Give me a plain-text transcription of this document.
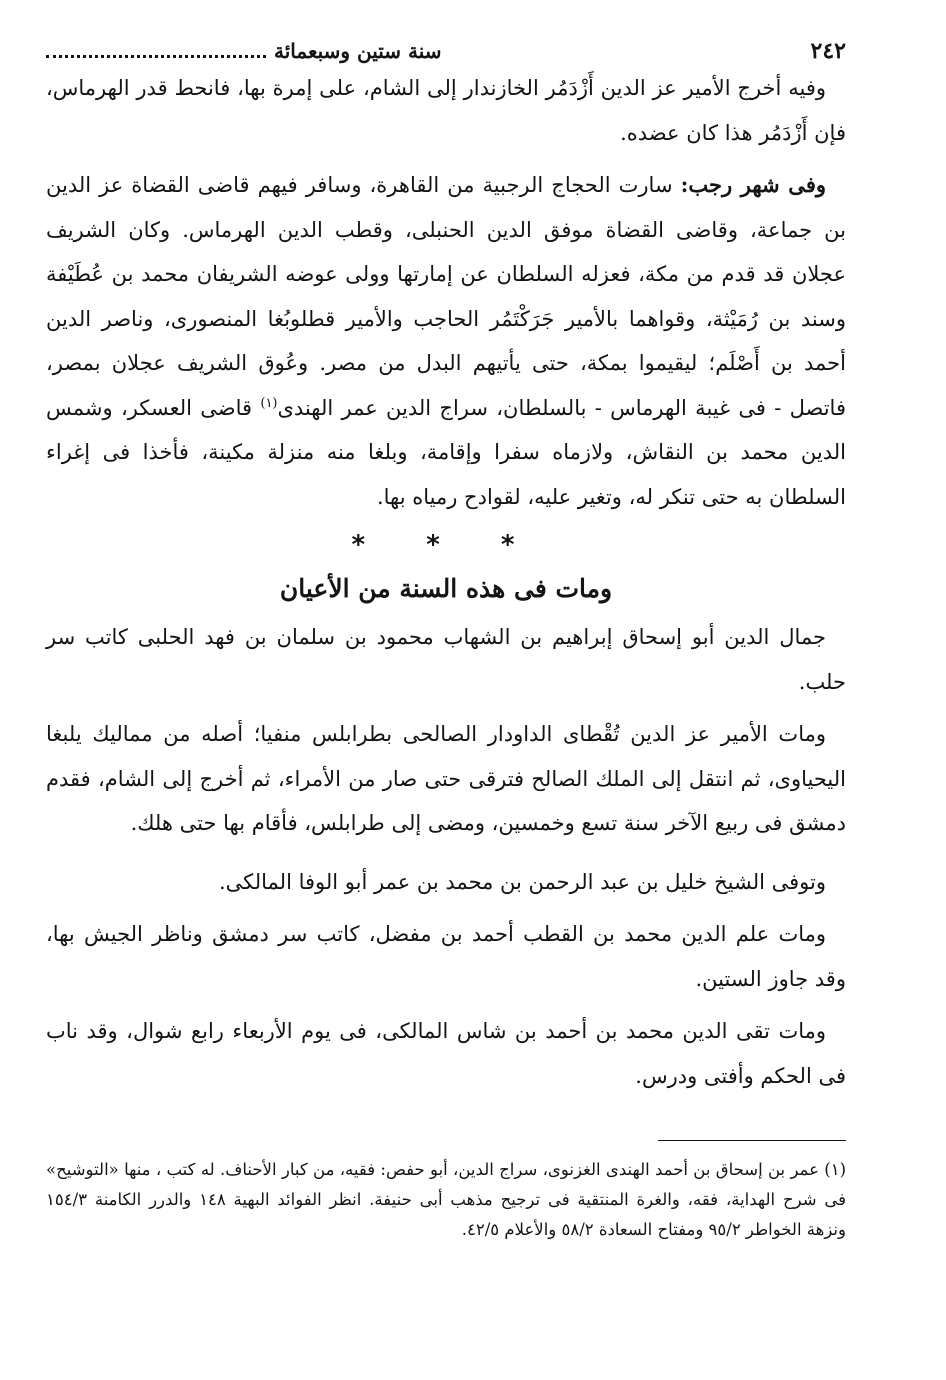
٢٤٢
سنة ستين وسبعمائة

وفيه أخرج الأمير عز الدين أَزْدَمُر الخازندار إلى الشام، على إمرة بها، فانحط قدر الهرماس، فإن أَزْدَمُر هذا كان عضده.

وفى شهر رجب: سارت الحجاج الرجبية من القاهرة، وسافر فيهم قاضى القضاة عز الدين بن جماعة، وقاضى القضاة موفق الدين الحنبلى، وقطب الدين الهرماس. وكان الشريف عجلان قد قدم من مكة، فعزله السلطان عن إمارتها وولى عوضه الشريفان محمد بن عُطَيْفة وسند بن رُمَيْثة، وقواهما بالأمير جَرَكْتَمُر الحاجب والأمير قطلوبُغا المنصورى، وناصر الدين أحمد بن أَصْلَم؛ ليقيموا بمكة، حتى يأتيهم البدل من مصر. وعُوق الشريف عجلان بمصر، فاتصل - فى غيبة الهرماس - بالسلطان، سراج الدين عمر الهندى$^{(١)}$ قاضى العسكر، وشمس الدين محمد بن النقاش، ولازماه سفرا وإقامة، وبلغا منه منزلة مكينة، فأخذا فى إغراء السلطان به حتى تنكر له، وتغير عليه، لقوادح رمياه بها.

* * *
ومات فى هذه السنة من الأعيان

جمال الدين أبو إسحاق إبراهيم بن الشهاب محمود بن سلمان بن فهد الحلبى كاتب سر حلب.

ومات الأمير عز الدين تُقْطاى الداودار الصالحى بطرابلس منفيا؛ أصله من مماليك يلبغا اليحياوى، ثم انتقل إلى الملك الصالح فترقى حتى صار من الأمراء، ثم أخرج إلى الشام، فقدم دمشق فى ربيع الآخر سنة تسع وخمسين، ومضى إلى طرابلس، فأقام بها حتى هلك.

وتوفى الشيخ خليل بن عبد الرحمن بن محمد بن عمر أبو الوفا المالكى.

ومات علم الدين محمد بن القطب أحمد بن مفضل، كاتب سر دمشق وناظر الجيش بها، وقد جاوز الستين.

ومات تقى الدين محمد بن أحمد بن شاس المالكى، فى يوم الأربعاء رابع شوال، وقد ناب فى الحكم وأفتى ودرس.

(١) عمر بن إسحاق بن أحمد الهندى الغزنوى، سراج الدين، أبو حفص: فقيه، من كبار الأحناف. له كتب ، منها «التوشيح» فى شرح الهداية، فقه، والغرة المنتقية فى ترجيح مذهب أبى حنيفة. انظر الفوائد البهية ١٤٨ والدرر الكامنة ١٥٤/٣ ونزهة الخواطر ٩٥/٢ ومفتاح السعادة ٥٨/٢ والأعلام ٤٢/٥.
